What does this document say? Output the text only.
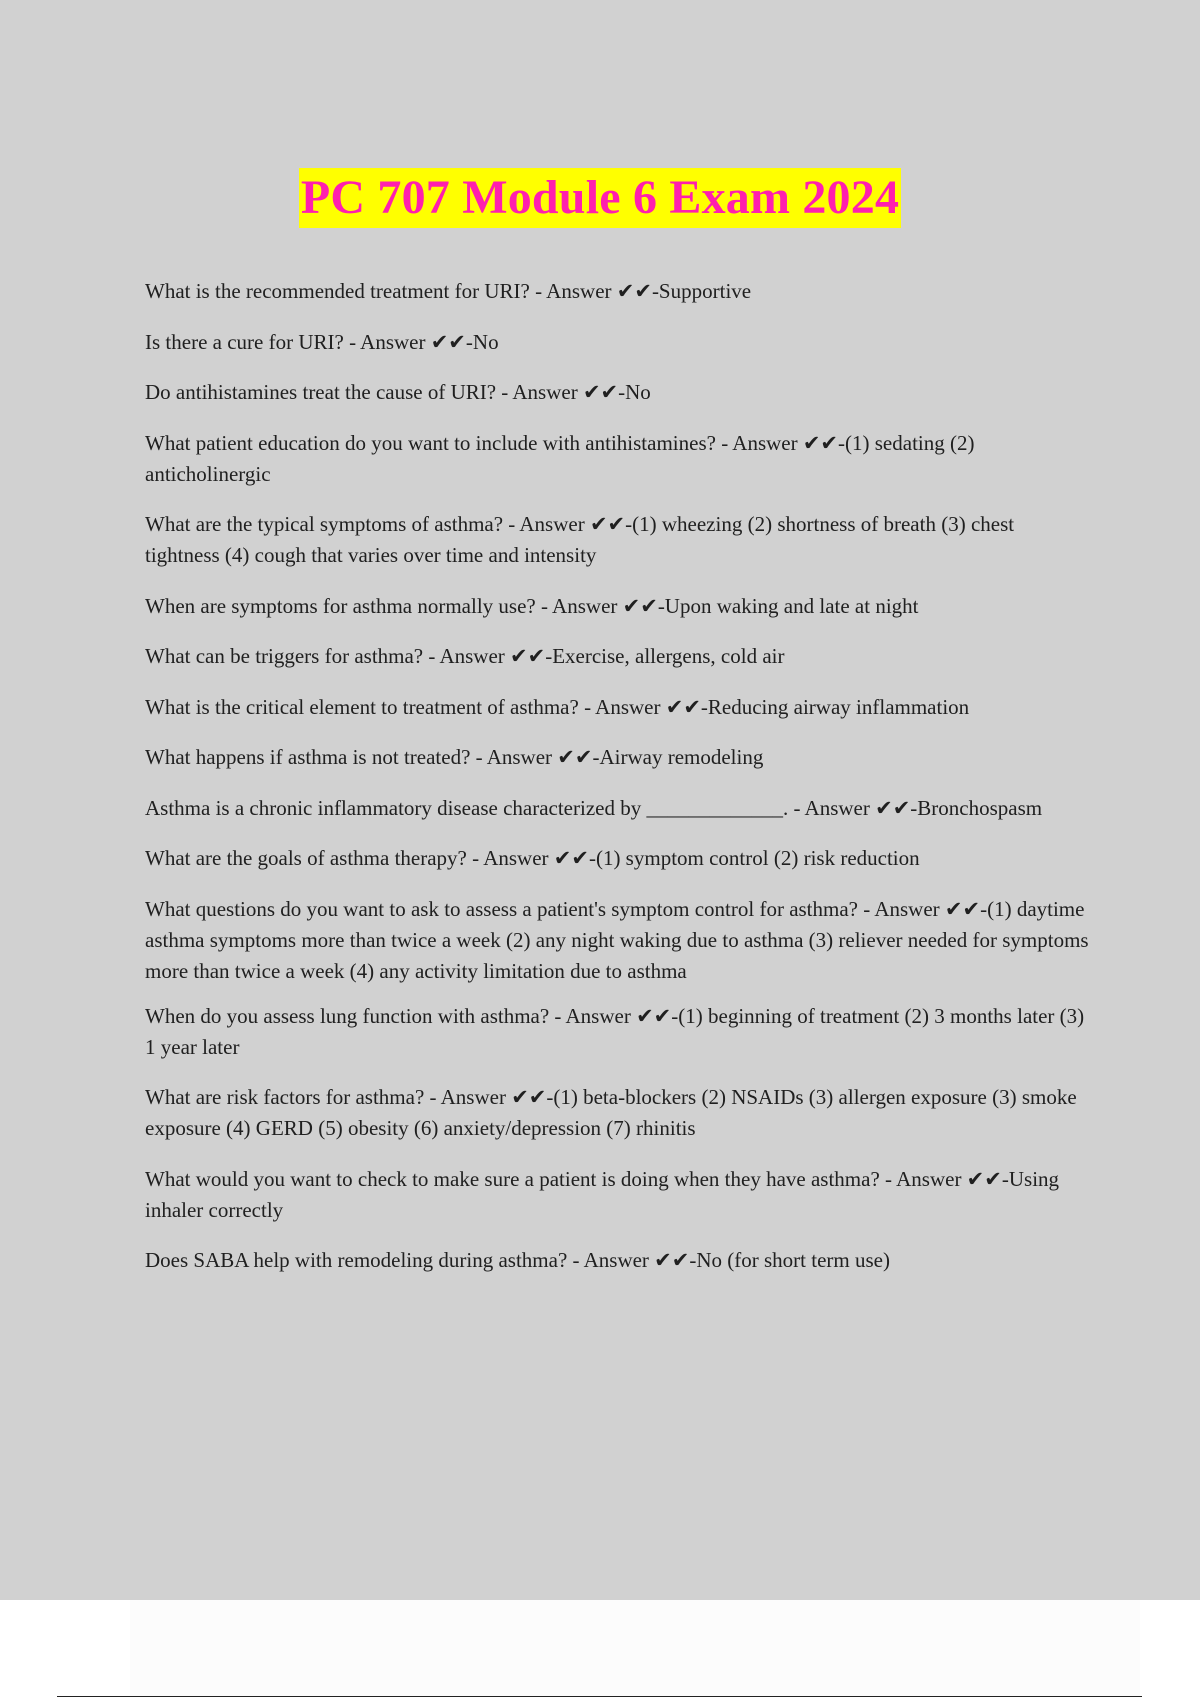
PC 707 Module 6 Exam 2024

What is the recommended treatment for URI? - Answer ✔✔-Supportive

Is there a cure for URI? - Answer ✔✔-No

Do antihistamines treat the cause of URI? - Answer ✔✔-No

What patient education do you want to include with antihistamines? - Answer ✔✔-(1) sedating (2) anticholinergic

What are the typical symptoms of asthma? - Answer ✔✔-(1) wheezing (2) shortness of breath (3) chest tightness (4) cough that varies over time and intensity

When are symptoms for asthma normally use? - Answer ✔✔-Upon waking and late at night

What can be triggers for asthma? - Answer ✔✔-Exercise, allergens, cold air

What is the critical element to treatment of asthma? - Answer ✔✔-Reducing airway inflammation

What happens if asthma is not treated? - Answer ✔✔-Airway remodeling

Asthma is a chronic inflammatory disease characterized by _____________. - Answer ✔✔-Bronchospasm

What are the goals of asthma therapy? - Answer ✔✔-(1) symptom control (2) risk reduction

What questions do you want to ask to assess a patient's symptom control for asthma? - Answer ✔✔-(1) daytime asthma symptoms more than twice a week (2) any night waking due to asthma (3) reliever needed for symptoms more than twice a week (4) any activity limitation due to asthma

When do you assess lung function with asthma? - Answer ✔✔-(1) beginning of treatment (2) 3 months later (3) 1 year later

What are risk factors for asthma? - Answer ✔✔-(1) beta-blockers (2) NSAIDs (3) allergen exposure (3) smoke exposure (4) GERD (5) obesity (6) anxiety/depression (7) rhinitis

What would you want to check to make sure a patient is doing when they have asthma? - Answer ✔✔-Using inhaler correctly

Does SABA help with remodeling during asthma? - Answer ✔✔-No (for short term use)
